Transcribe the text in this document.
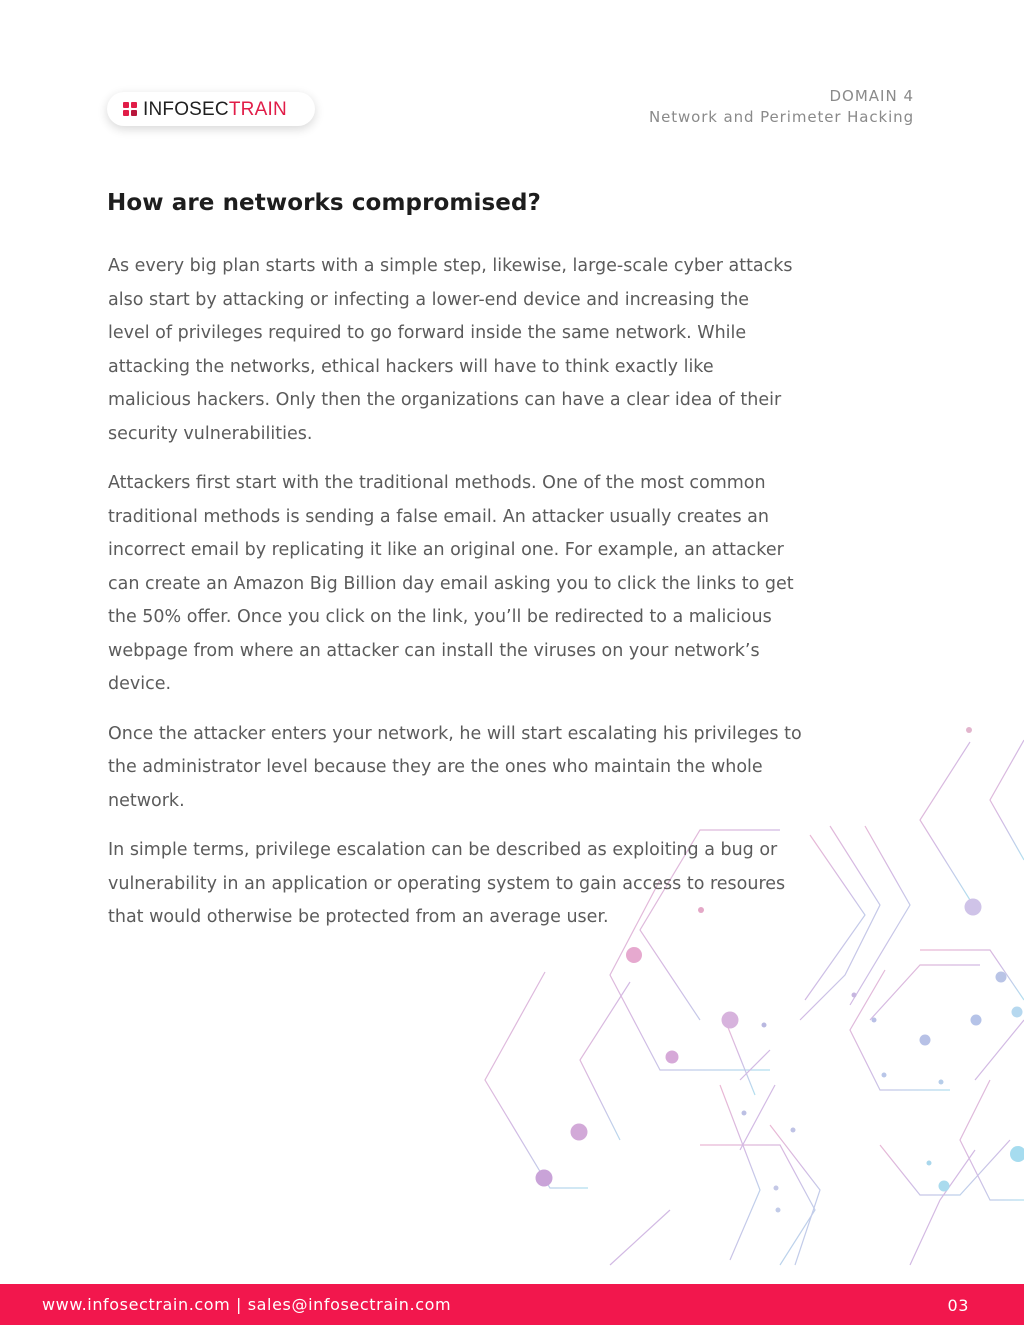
INFOSECTRAIN
DOMAIN 4
Network and Perimeter Hacking
How are networks compromised?

As every big plan starts with a simple step, likewise, large-scale cyber attacks
also start by attacking or infecting a lower-end device and increasing the
level of privileges required to go forward inside the same network. While
attacking the networks, ethical hackers will have to think exactly like
malicious hackers. Only then the organizations can have a clear idea of their
security vulnerabilities.

Attackers first start with the traditional methods. One of the most common
traditional methods is sending a false email. An attacker usually creates an
incorrect email by replicating it like an original one. For example, an attacker
can create an Amazon Big Billion day email asking you to click the links to get
the 50% offer. Once you click on the link, you’ll be redirected to a malicious
webpage from where an attacker can install the viruses on your network’s
device.

Once the attacker enters your network, he will start escalating his privileges to
the administrator level because they are the ones who maintain the whole
network.

In simple terms, privilege escalation can be described as exploiting a bug or
vulnerability in an application or operating system to gain access to resoures
that would otherwise be protected from an average user.

www.infosectrain.com | sales@infosectrain.com	03
